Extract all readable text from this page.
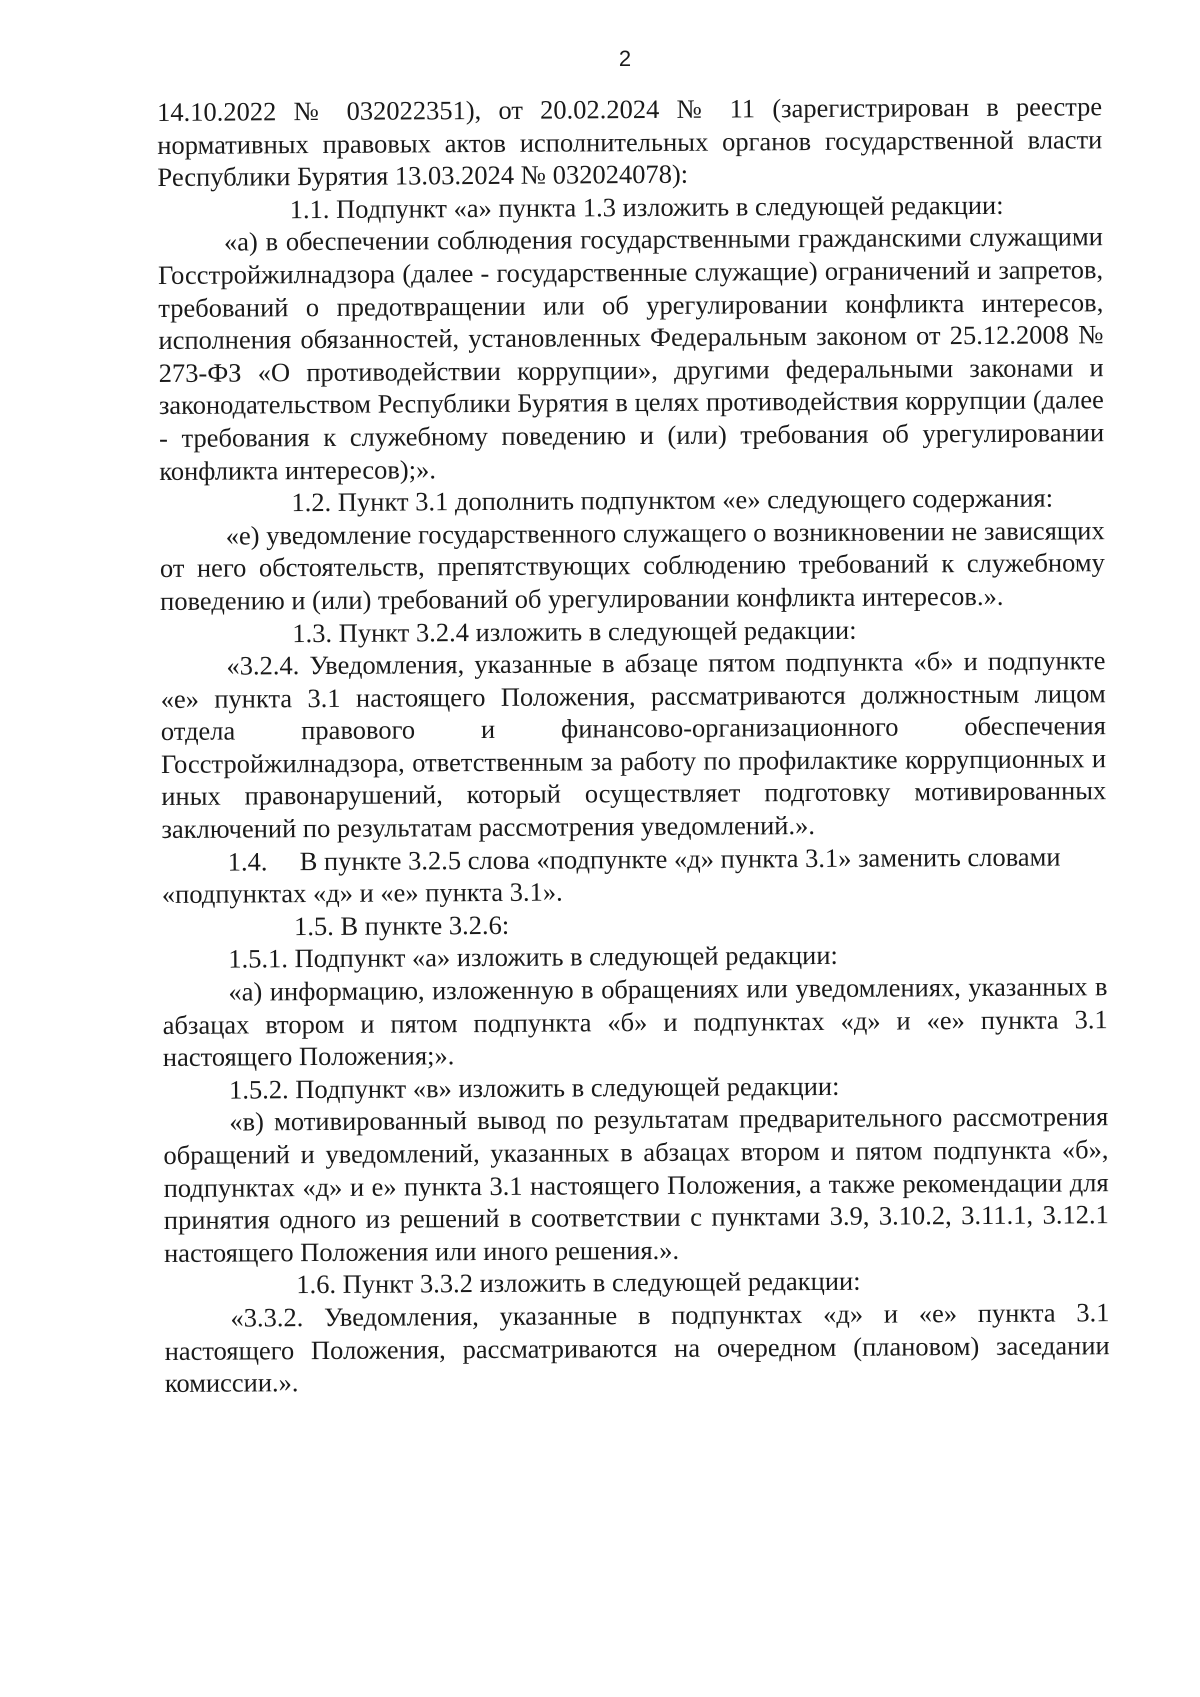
2

14.10.2022 № 032022351), от 20.02.2024 № 11 (зарегистрирован в реестре нормативных правовых актов исполнительных органов государственной власти Республики Бурятия 13.03.2024 № 032024078):

1.1. Подпункт «а» пункта 1.3 изложить в следующей редакции:

«а) в обеспечении соблюдения государственными гражданскими служащими Госстройжилнадзора (далее - государственные служащие) ограничений и запретов, требований о предотвращении или об урегулировании конфликта интересов, исполнения обязанностей, установленных Федеральным законом от 25.12.2008 № 273-ФЗ «О противодействии коррупции», другими федеральными законами и законодательством Республики Бурятия в целях противодействия коррупции (далее - требования к служебному поведению и (или) требования об урегулировании конфликта интересов);».

1.2. Пункт 3.1 дополнить подпунктом «е» следующего содержания:

«е) уведомление государственного служащего о возникновении не зависящих от него обстоятельств, препятствующих соблюдению требований к служебному поведению и (или) требований об урегулировании конфликта интересов.».

1.3. Пункт 3.2.4 изложить в следующей редакции:

«3.2.4. Уведомления, указанные в абзаце пятом подпункта «б» и подпункте «е» пункта 3.1 настоящего Положения, рассматриваются должностным лицом отдела правового и финансово-организационного обеспечения Госстройжилнадзора, ответственным за работу по профилактике коррупционных и иных правонарушений, который осуществляет подготовку мотивированных заключений по результатам рассмотрения уведомлений.».

1.4.	В пункте 3.2.5 слова «подпункте «д» пункта 3.1» заменить словами

«подпунктах «д» и «е» пункта 3.1».

1.5. В пункте 3.2.6:

1.5.1. Подпункт «а» изложить в следующей редакции:

«а) информацию, изложенную в обращениях или уведомлениях, указанных в абзацах втором и пятом подпункта «б» и подпунктах «д» и «е» пункта 3.1 настоящего Положения;».

1.5.2. Подпункт «в» изложить в следующей редакции:

«в) мотивированный вывод по результатам предварительного рассмотрения обращений и уведомлений, указанных в абзацах втором и пятом подпункта «б», подпунктах «д» и е» пункта 3.1 настоящего Положения, а также рекомендации для принятия одного из решений в соответствии с пунктами 3.9, 3.10.2, 3.11.1, 3.12.1 настоящего Положения или иного решения.».

1.6. Пункт 3.3.2 изложить в следующей редакции:

«3.3.2. Уведомления, указанные в подпунктах «д» и «е» пункта 3.1 настоящего Положения, рассматриваются на очередном (плановом) заседании комиссии.».
